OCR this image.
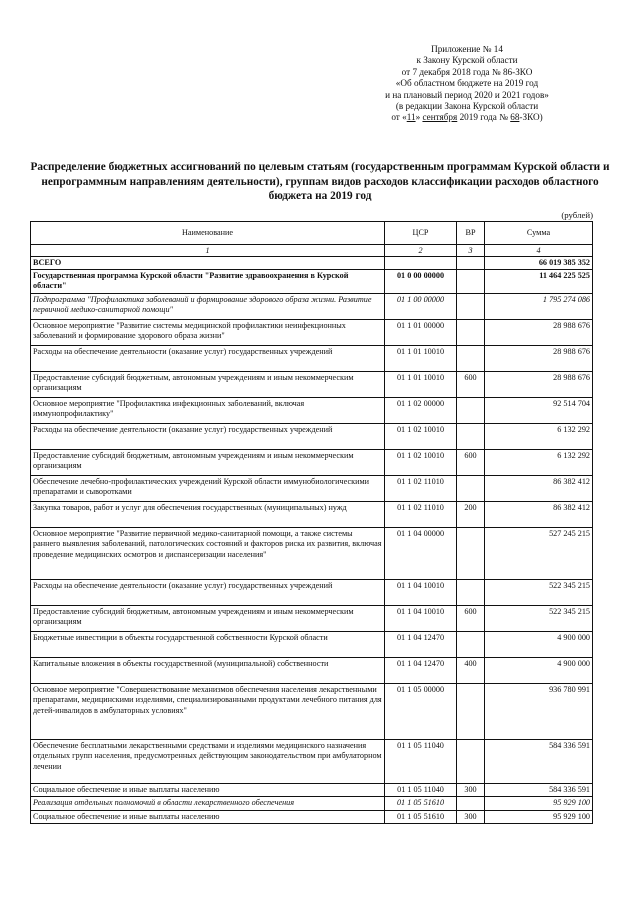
Приложение № 14
к Закону Курской области
от 7 декабря 2018 года № 86-ЗКО
«Об областном бюджете на 2019 год
и на плановый период 2020 и 2021 годов»
(в редакции Закона Курской области
от «11» сентября 2019 года № 68-ЗКО)
Распределение бюджетных ассигнований по целевым статьям (государственным программам Курской области и непрограммным направлениям деятельности), группам видов расходов классификации расходов областного бюджета на 2019 год
(рублей)
Наименование	ЦСР	ВР	Сумма
1	2	3	4
ВСЕГО			66 019 385 352
Государственная программа Курской области "Развитие здравоохранения в Курской области"	01 0 00 00000		11 464 225 525
Подпрограмма "Профилактика заболеваний и формирование здорового образа жизни. Развитие первичной медико-санитарной помощи"	01 1 00 00000		1 795 274 086
Основное мероприятие "Развитие системы медицинской профилактики неинфекционных заболеваний и формирование здорового образа жизни"	01 1 01 00000		28 988 676
Расходы на обеспечение деятельности (оказание услуг) государственных учреждений	01 1 01 10010		28 988 676
Предоставление субсидий бюджетным, автономным учреждениям и иным некоммерческим организациям	01 1 01 10010	600	28 988 676
Основное мероприятие "Профилактика инфекционных заболеваний, включая иммунопрофилактику"	01 1 02 00000		92 514 704
Расходы на обеспечение деятельности (оказание услуг) государственных учреждений	01 1 02 10010		6 132 292
Предоставление субсидий бюджетным, автономным учреждениям и иным некоммерческим организациям	01 1 02 10010	600	6 132 292
Обеспечение лечебно-профилактических учреждений Курской области иммунобиологическими препаратами и сыворотками	01 1 02 11010		86 382 412
Закупка товаров, работ и услуг для обеспечения государственных (муниципальных) нужд	01 1 02 11010	200	86 382 412
Основное мероприятие "Развитие первичной медико-санитарной помощи, а также системы раннего выявления заболеваний, патологических состояний и факторов риска их развития, включая проведение медицинских осмотров и диспансеризации населения"	01 1 04 00000		527 245 215
Расходы на обеспечение деятельности (оказание услуг) государственных учреждений	01 1 04 10010		522 345 215
Предоставление субсидий бюджетным, автономным учреждениям и иным некоммерческим организациям	01 1 04 10010	600	522 345 215
Бюджетные инвестиции в объекты государственной собственности Курской области	01 1 04 12470		4 900 000
Капитальные вложения в объекты государственной (муниципальной) собственности	01 1 04 12470	400	4 900 000
Основное мероприятие "Совершенствование механизмов обеспечения населения лекарственными препаратами, медицинскими изделиями, специализированными продуктами лечебного питания для детей-инвалидов в амбулаторных условиях"	01 1 05 00000		936 780 991
Обеспечение бесплатными лекарственными средствами и изделиями медицинского назначения отдельных групп населения, предусмотренных действующим законодательством при амбулаторном лечении	01 1 05 11040		584 336 591
Социальное обеспечение и иные выплаты населению	01 1 05 11040	300	584 336 591
Реализация отдельных полномочий в области лекарственного обеспечения	01 1 05 51610		95 929 100
Социальное обеспечение и иные выплаты населению	01 1 05 51610	300	95 929 100
